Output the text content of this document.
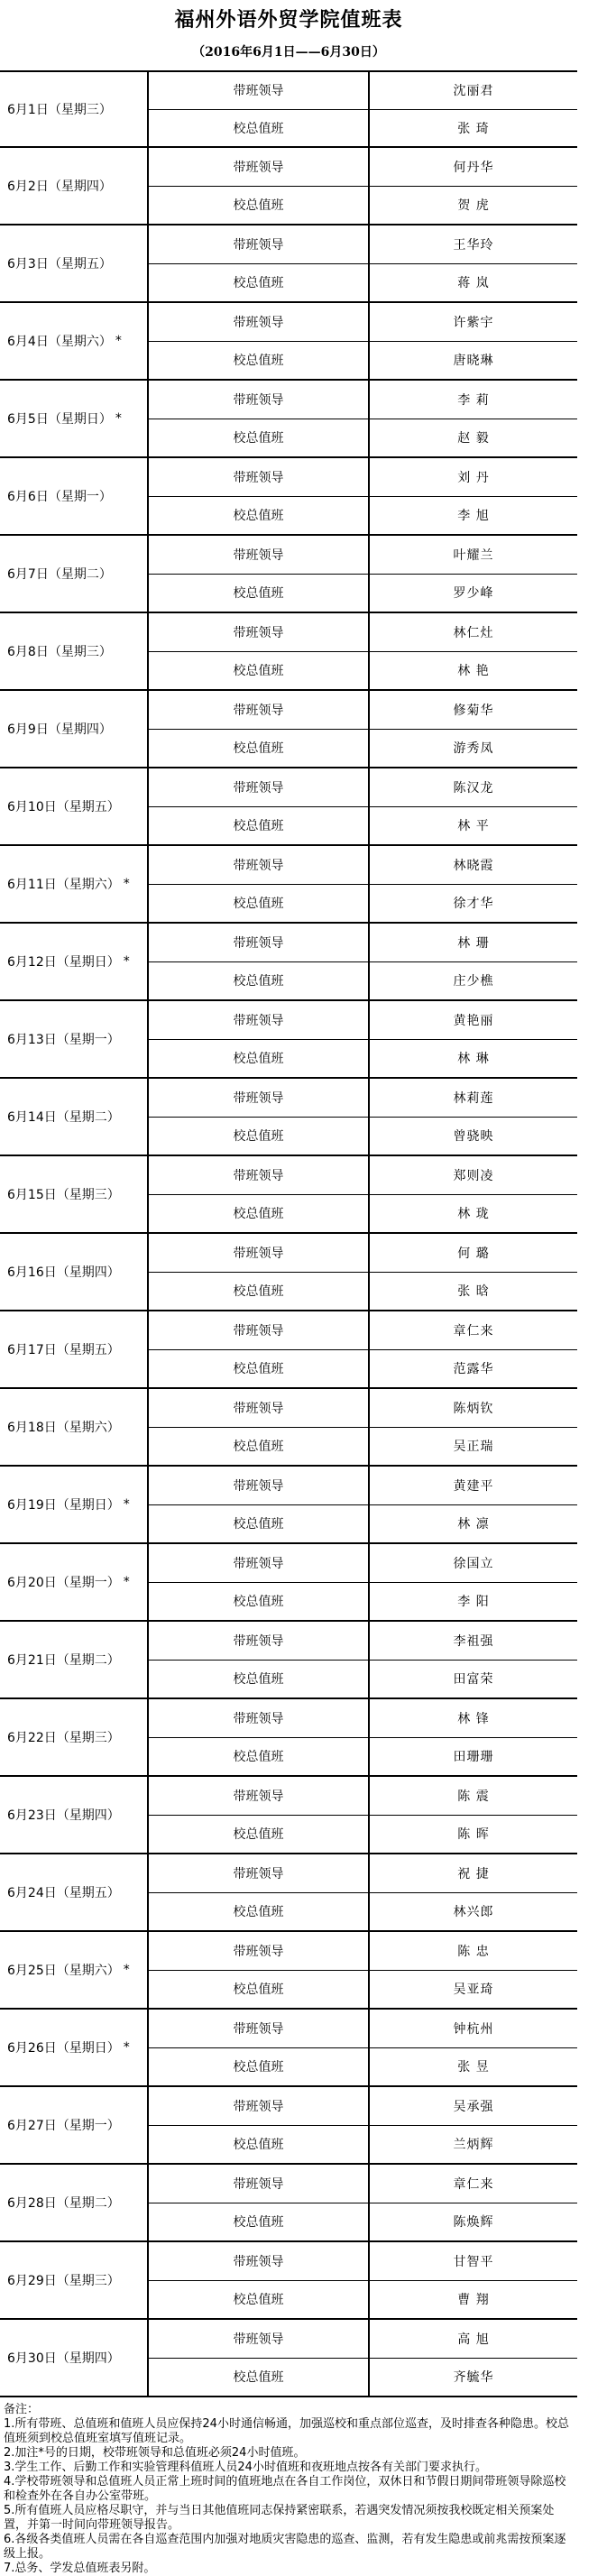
福州外语外贸学院值班表
（2016年6月1日——6月30日）
6月1日（星期三）
带班领导	沈丽君
校总值班	张 琦
6月2日（星期四）
带班领导	何丹华
校总值班	贺 虎
6月3日（星期五）
带班领导	王华玲
校总值班	蒋 岚
6月4日（星期六） *
带班领导	许紫宇
校总值班	唐晓琳
6月5日（星期日） *
带班领导	李 莉
校总值班	赵 毅
6月6日（星期一）
带班领导	刘 丹
校总值班	李 旭
6月7日（星期二）
带班领导	叶耀兰
校总值班	罗少峰
6月8日（星期三）
带班领导	林仁灶
校总值班	林 艳
6月9日（星期四）
带班领导	修菊华
校总值班	游秀凤
6月10日（星期五）
带班领导	陈汉龙
校总值班	林 平
6月11日（星期六） *
带班领导	林晓霞
校总值班	徐才华
6月12日（星期日） *
带班领导	林 珊
校总值班	庄少樵
6月13日（星期一）
带班领导	黄艳丽
校总值班	林 琳
6月14日（星期二）
带班领导	林莉莲
校总值班	曾骁映
6月15日（星期三）
带班领导	郑则凌
校总值班	林 珑
6月16日（星期四）
带班领导	何 璐
校总值班	张 晗
6月17日（星期五）
带班领导	章仁来
校总值班	范露华
6月18日（星期六）
带班领导	陈炳钦
校总值班	吴正瑞
6月19日（星期日） *
带班领导	黄建平
校总值班	林 凛
6月20日（星期一） *
带班领导	徐国立
校总值班	李 阳
6月21日（星期二）
带班领导	李祖强
校总值班	田富荣
6月22日（星期三）
带班领导	林 锋
校总值班	田珊珊
6月23日（星期四）
带班领导	陈 震
校总值班	陈 晖
6月24日（星期五）
带班领导	祝 捷
校总值班	林兴郎
6月25日（星期六） *
带班领导	陈 忠
校总值班	吴亚琦
6月26日（星期日） *
带班领导	钟杭州
校总值班	张 昱
6月27日（星期一）
带班领导	吴承强
校总值班	兰炳辉
6月28日（星期二）
带班领导	章仁来
校总值班	陈焕辉
6月29日（星期三）
带班领导	甘智平
校总值班	曹 翔
6月30日（星期四）
带班领导	高 旭
校总值班	齐毓华
备注：
1.所有带班、总值班和值班人员应保持24小时通信畅通，加强巡校和重点部位巡查，及时排查各种隐患。校总值班须到校总值班室填写值班记录。
2.加注*号的日期，校带班领导和总值班必须24小时值班。
3.学生工作、后勤工作和实验管理科值班人员24小时值班和夜班地点按各有关部门要求执行。
4.学校带班领导和总值班人员正常上班时间的值班地点在各自工作岗位，双休日和节假日期间带班领导除巡校和检查外在各自办公室带班。
5.所有值班人员应格尽职守，并与当日其他值班同志保持紧密联系，若遇突发情况须按我校既定相关预案处置，并第一时间向带班领导报告。
6.各级各类值班人员需在各自巡查范围内加强对地质灾害隐患的巡查、监测，若有发生隐患或前兆需按预案逐级上报。
7.总务、学发总值班表另附。
